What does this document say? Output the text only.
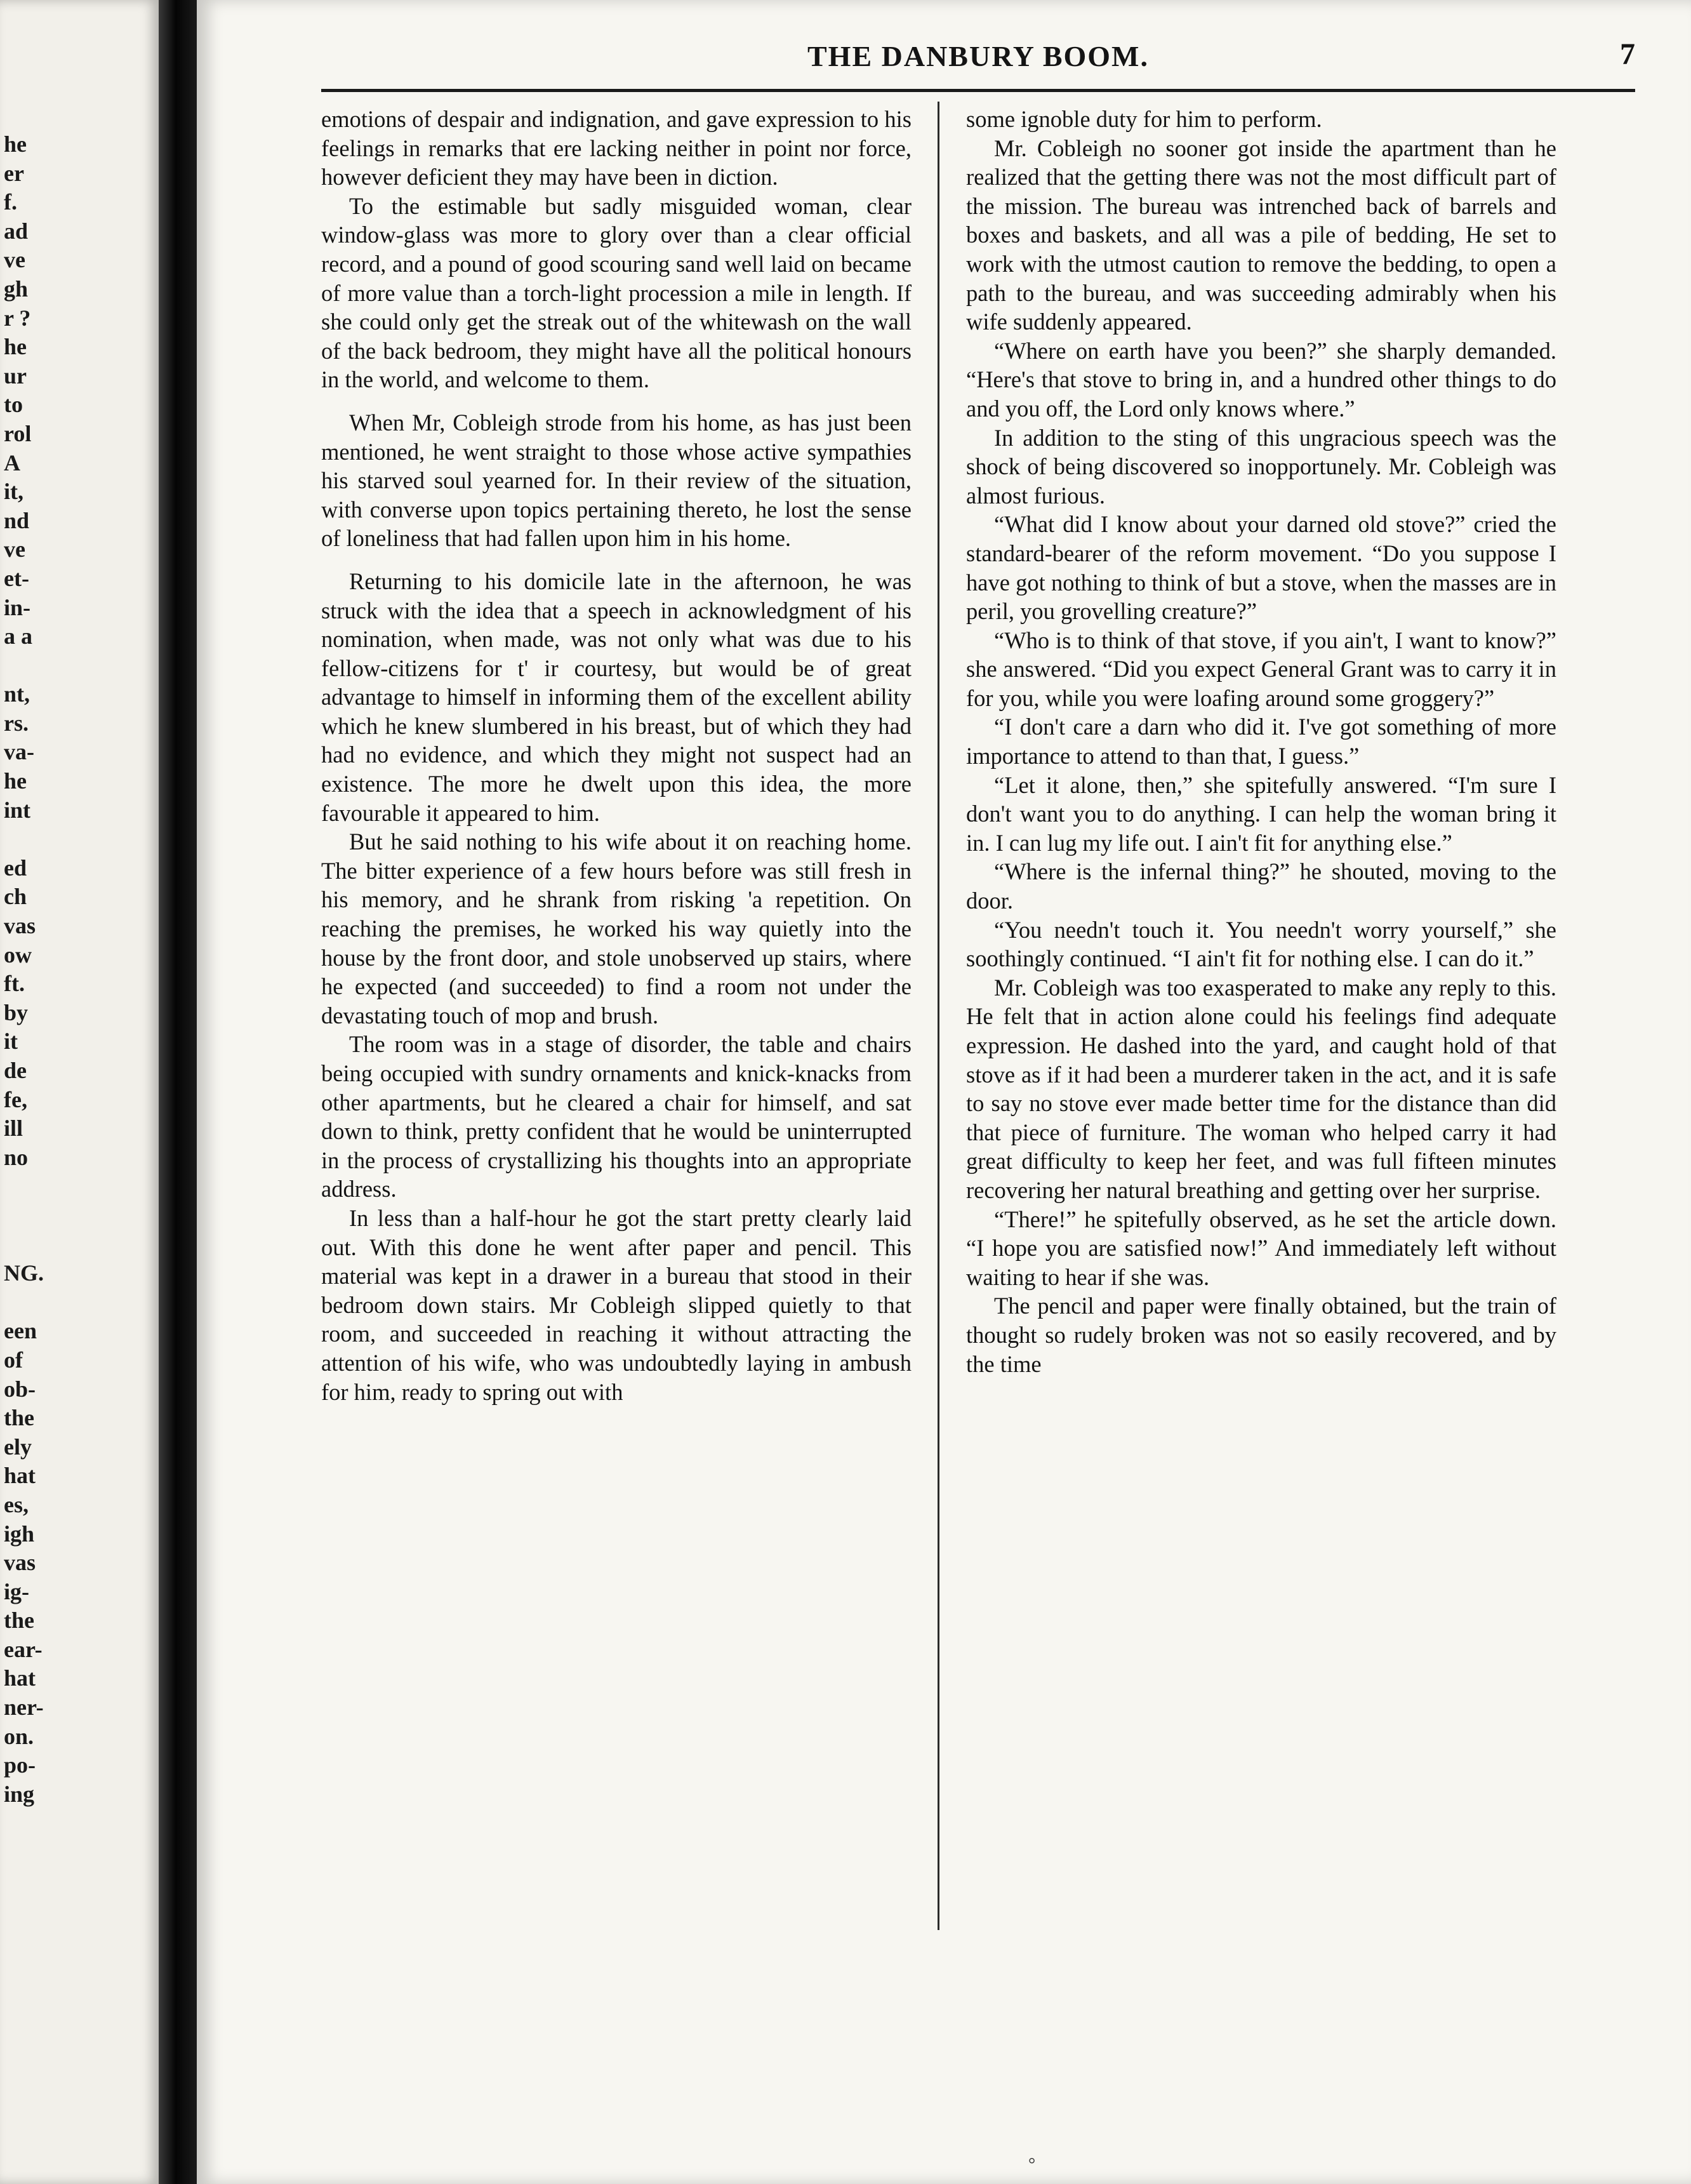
he
er
f.
ad
ve
gh
r ?
he
ur
to
rol
A
it,
nd
ve
et-
in-
a a
nt,
rs.
va-
he
int
ed
ch
vas
ow
ft.
by
it
de
fe,
ill
no
NG.
een
of
ob-
the
ely
hat
es,
igh
vas
ig-
the
ear-
hat
ner-
on.
po-
ing
THE DANBURY BOOM.	7

emotions of despair and indignation, and gave expression to his feelings in remarks that ere lacking neither in point nor force, however deficient they may have been in diction.

To the estimable but sadly misguided woman, clear window-glass was more to glory over than a clear official record, and a pound of good scouring sand well laid on became of more value than a torch-light procession a mile in length. If she could only get the streak out of the whitewash on the wall of the back bedroom, they might have all the political honours in the world, and welcome to them.

When Mr, Cobleigh strode from his home, as has just been mentioned, he went straight to those whose active sympathies his starved soul yearned for. In their review of the situation, with converse upon topics pertaining thereto, he lost the sense of loneliness that had fallen upon him in his home.

Returning to his domicile late in the afternoon, he was struck with the idea that a speech in acknowledgment of his nomination, when made, was not only what was due to his fellow-citizens for t' ir courtesy, but would be of great advantage to himself in informing them of the excellent ability which he knew slumbered in his breast, but of which they had had no evidence, and which they might not suspect had an existence. The more he dwelt upon this idea, the more favourable it appeared to him.

But he said nothing to his wife about it on reaching home. The bitter experience of a few hours before was still fresh in his memory, and he shrank from risking 'a repetition. On reaching the premises, he worked his way quietly into the house by the front door, and stole unobserved up stairs, where he expected (and succeeded) to find a room not under the devastating touch of mop and brush.

The room was in a stage of disorder, the table and chairs being occupied with sundry ornaments and knick-knacks from other apartments, but he cleared a chair for himself, and sat down to think, pretty confident that he would be uninterrupted in the process of crystallizing his thoughts into an appropriate address.

In less than a half-hour he got the start pretty clearly laid out. With this done he went after paper and pencil. This material was kept in a drawer in a bureau that stood in their bedroom down stairs. Mr Cobleigh slipped quietly to that room, and succeeded in reaching it without attracting the attention of his wife, who was undoubtedly laying in ambush for him, ready to spring out with

some ignoble duty for him to perform.

Mr. Cobleigh no sooner got inside the apartment than he realized that the getting there was not the most difficult part of the mission. The bureau was intrenched back of barrels and boxes and baskets, and all was a pile of bedding, He set to work with the utmost caution to remove the bedding, to open a path to the bureau, and was succeeding admirably when his wife suddenly appeared.

“Where on earth have you been?” she sharply demanded. “Here's that stove to bring in, and a hundred other things to do and you off, the Lord only knows where.”

In addition to the sting of this ungracious speech was the shock of being discovered so inopportunely. Mr. Cobleigh was almost furious.

“What did I know about your darned old stove?” cried the standard-bearer of the reform movement. “Do you suppose I have got nothing to think of but a stove, when the masses are in peril, you grovelling creature?”

“Who is to think of that stove, if you ain't, I want to know?” she answered. “Did you expect General Grant was to carry it in for you, while you were loafing around some groggery?”

“I don't care a darn who did it. I've got something of more importance to attend to than that, I guess.”

“Let it alone, then,” she spitefully answered. “I'm sure I don't want you to do anything. I can help the woman bring it in. I can lug my life out. I ain't fit for anything else.”

“Where is the infernal thing?” he shouted, moving to the door.

“You needn't touch it. You needn't worry yourself,” she soothingly continued. “I ain't fit for nothing else. I can do it.”

Mr. Cobleigh was too exasperated to make any reply to this. He felt that in action alone could his feelings find adequate expression. He dashed into the yard, and caught hold of that stove as if it had been a murderer taken in the act, and it is safe to say no stove ever made better time for the distance than did that piece of furniture. The woman who helped carry it had great difficulty to keep her feet, and was full fifteen minutes recovering her natural breathing and getting over her surprise.

“There!” he spitefully observed, as he set the article down. “I hope you are satisfied now!” And immediately left without waiting to hear if she was.

The pencil and paper were finally obtained, but the train of thought so rudely broken was not so easily recovered, and by the time

°
